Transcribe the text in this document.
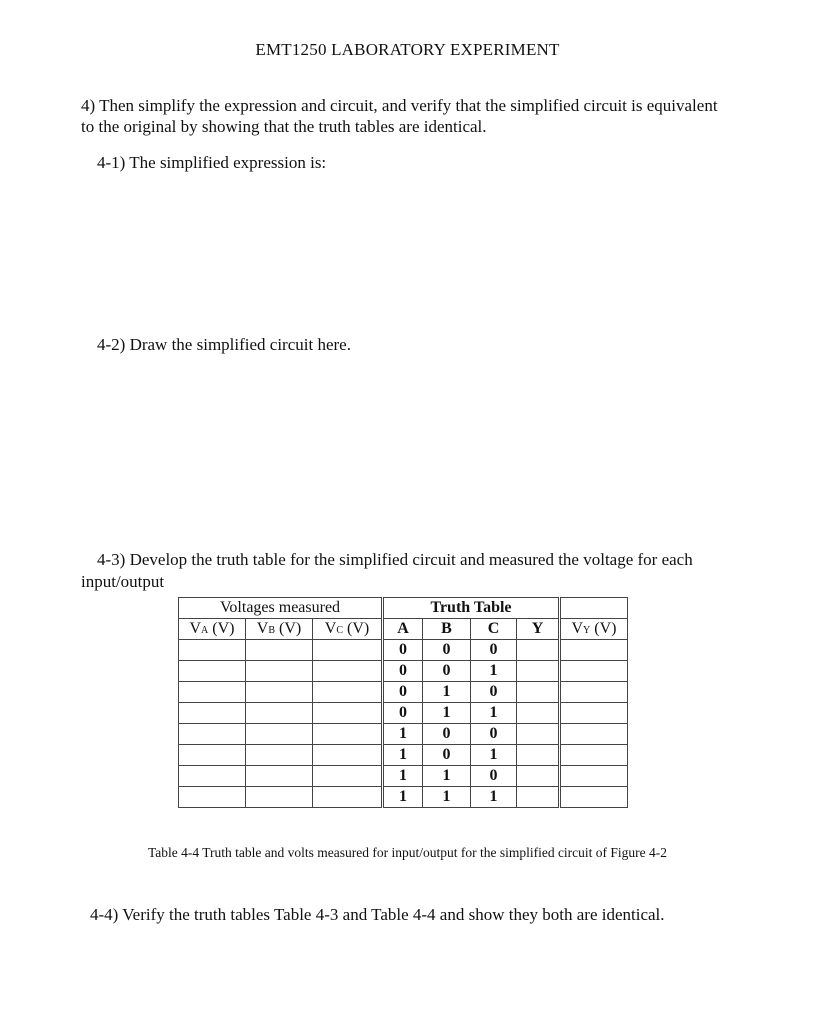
EMT1250 LABORATORY EXPERIMENT
4) Then simplify the expression and circuit, and verify that the simplified circuit is equivalent to the original by showing that the truth tables are identical.
4-1) The simplified expression is:
4-2) Draw the simplified circuit here.
4-3) Develop the truth table for the simplified circuit and measured the voltage for each
input/output
Voltages measured			Truth Table				
VA (V)	VB (V)	VC (V)	A	B	C	Y	VY (V)
			0	0	0		
			0	0	1		
			0	1	0		
			0	1	1		
			1	0	0		
			1	0	1		
			1	1	0		
			1	1	1		
Table 4-4 Truth table and volts measured for input/output for the simplified circuit of Figure 4-2
4-4) Verify the truth tables Table 4-3 and Table 4-4 and show they both are identical.
